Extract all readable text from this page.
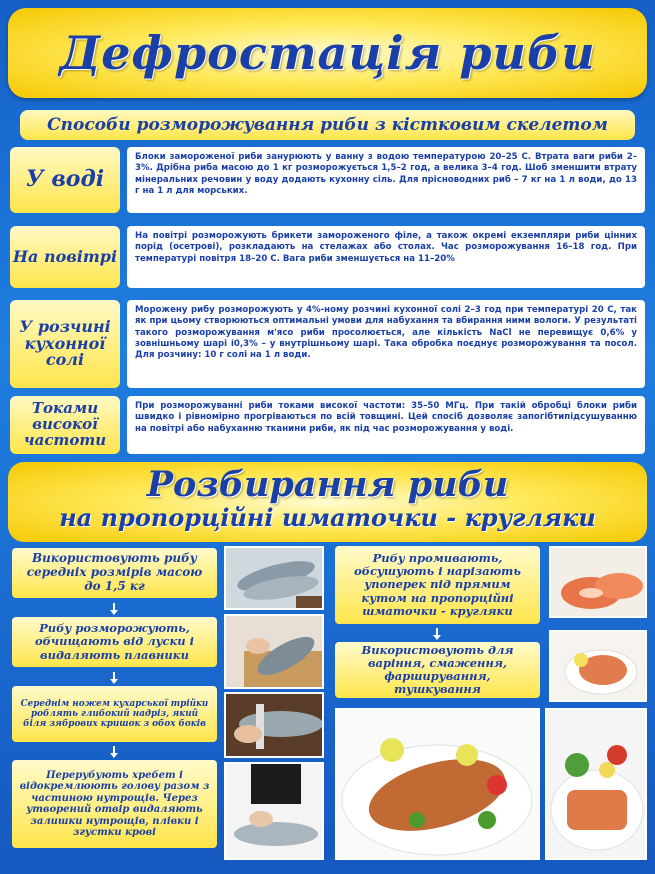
Дефростація риби
Способи розморожування риби з кістковим скелетом
У воді
Блоки замороженої риби занурюють у ванну з водою температурою 20–25 С. Втрата ваги риби 2–3%. Дрібна риба масою до 1 кг розморожується 1,5–2 год, а велика 3–4 год. Шоб зменшити втрату мінеральних речовин у воду додають кухонну сіль. Для прісноводних риб – 7 кг на 1 л води, до 13 г на 1 л для морських.
На повітрі
На повітрі розморожують брикети замороженого філе, а також окремі екземпляри риби цінних порід (осетрові), розкладають на стелажах або столах. Час розморожування 16–18 год. При температурі повітря 18–20 С. Вага риби зменшується на 11–20%
У розчині кухонної солі
Морожену рибу розморожують у 4%-ному розчині кухонної солі 2–3 год при температурі 20 С, так як при цьому створюються оптимальні умови для набухання та вбирання ними вологи. У результаті такого розморожування м'ясо риби просолюється, але кількість NaCl не перевищує 0,6% у зовнішньому шарі і0,3% – у внутрішньому шарі. Така обробка поєднує розморожування та посол. Для розчину: 10 г солі на 1 л води.
Токами високої частоти
При розморожуванні риби токами високої частоти: 35–50 МГц. При такій обробці блоки риби швидко і рівномірно прогріваються по всій товщині. Цей спосіб дозволяє запогібтипідсушуванню на повітрі або набуханню тканини риби, як під час розморожування у воді.
Розбирання риби
на пропорційні шматочки - кругляки
Використовують рибу середніх розмірів масою до 1,5 кг
Рибу розморожують, обчищають від луски і видаляють плавники
Середнім ножем кухарської трійки роблять глибокий надріз, який біля зябрових кришок з обох боків
Перерубують хребет і відокремлюють голову разом з частиною нутрощів. Через утворений отвір видаляють залишки нутрощів, плівки і згустки крові
Рибу промивають, обсушують і нарізають упоперек під прямим кутом на пропорційні шматочки - кругляки
Використовують для варіння, смаження, фарширування, тушкування
